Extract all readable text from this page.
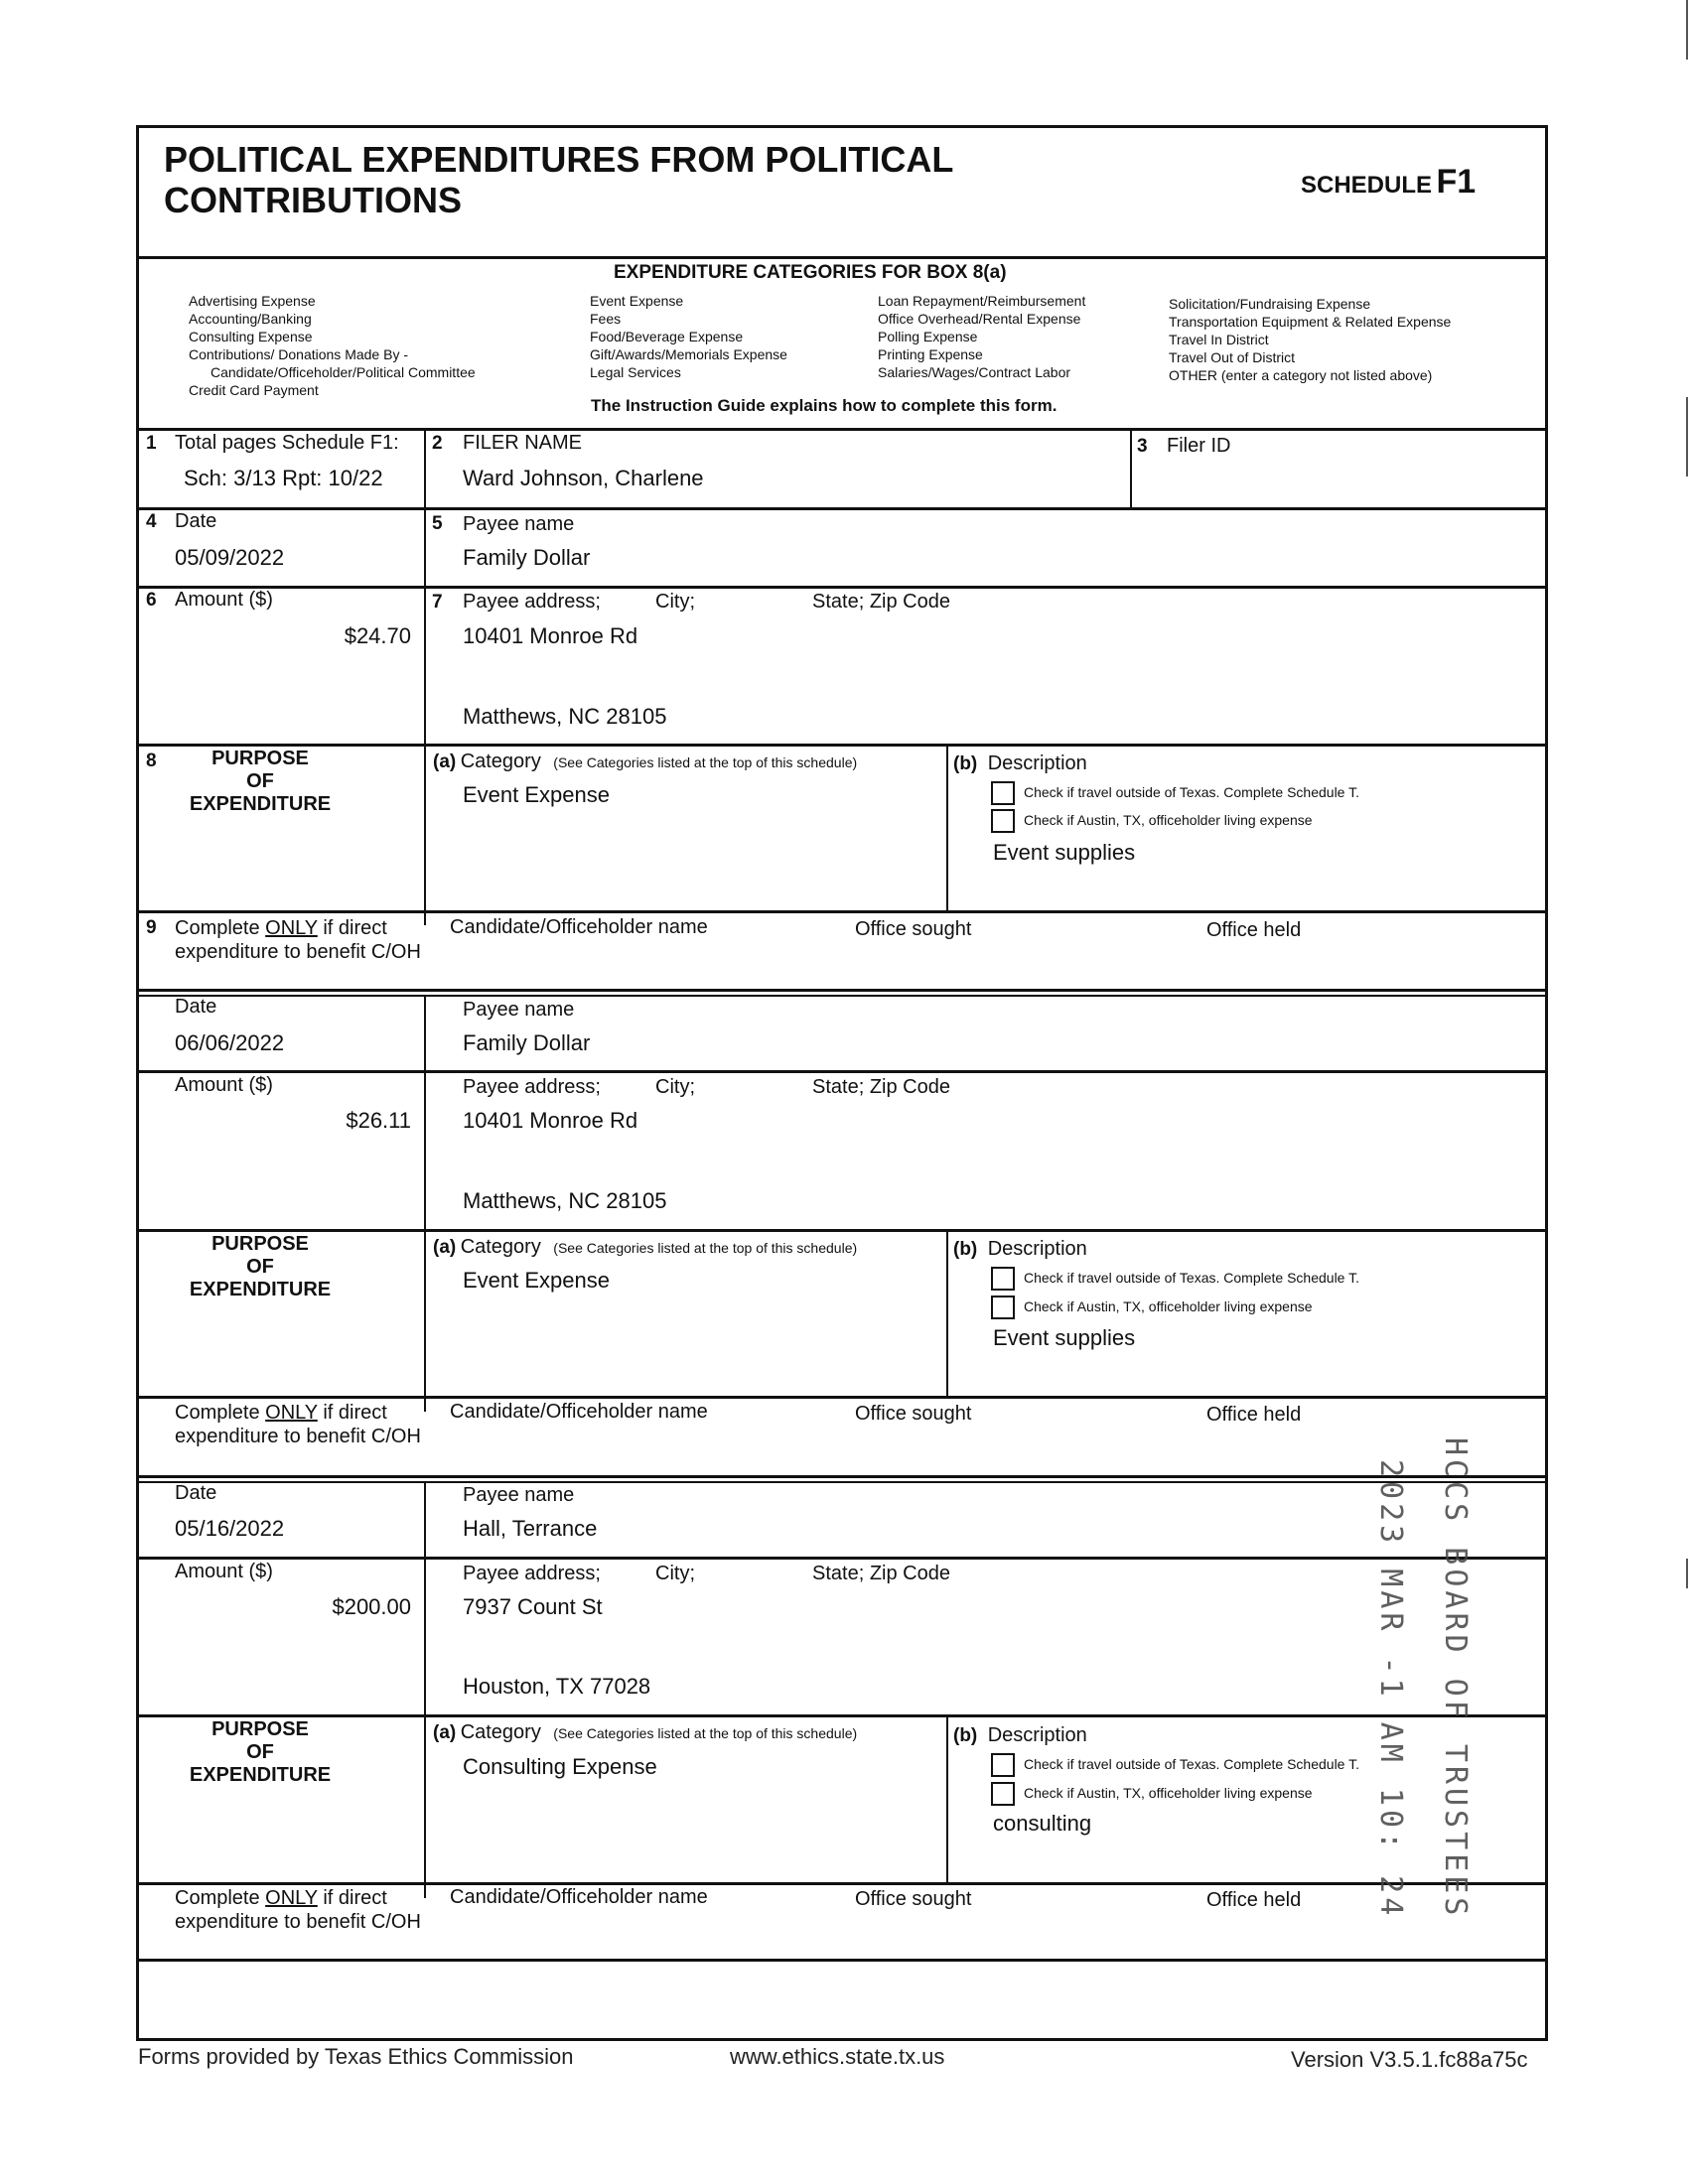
POLITICAL EXPENDITURES FROM POLITICAL
CONTRIBUTIONS	SCHEDULE F1
EXPENDITURE CATEGORIES FOR BOX 8(a)
Advertising Expense
Accounting/Banking
Consulting Expense
Contributions/ Donations Made By -
Candidate/Officeholder/Political Committee
Credit Card Payment
Event Expense
Fees
Food/Beverage Expense
Gift/Awards/Memorials Expense
Legal Services
Loan Repayment/Reimbursement
Office Overhead/Rental Expense
Polling Expense
Printing Expense
Salaries/Wages/Contract Labor
Solicitation/Fundraising Expense
Transportation Equipment & Related Expense
Travel In District
Travel Out of District
OTHER (enter a category not listed above)
The Instruction Guide explains how to complete this form.
1 Total pages Schedule F1:
Sch: 3/13 Rpt: 10/22
2 FILER NAME
Ward Johnson, Charlene
3 Filer ID
4 Date
05/09/2022
5 Payee name
Family Dollar
6 Amount ($)
$24.70
7 Payee address;	City;	State; Zip Code
10401 Monroe Rd
Matthews, NC 28105
8	PURPOSE
OF
EXPENDITURE
(a) Category (See Categories listed at the top of this schedule)
Event Expense
(b) Description
Check if travel outside of Texas. Complete Schedule T.
Check if Austin, TX, officeholder living expense
Event supplies
9 Complete ONLY if direct
expenditure to benefit C/OH
Candidate/Officeholder name	Office sought	Office held
Date
06/06/2022
Payee name
Family Dollar
Amount ($)
$26.11
Payee address;	City;	State; Zip Code
10401 Monroe Rd
Matthews, NC 28105
PURPOSE
OF
EXPENDITURE
(a) Category (See Categories listed at the top of this schedule)
Event Expense
(b) Description
Check if travel outside of Texas. Complete Schedule T.
Check if Austin, TX, officeholder living expense
Event supplies
Complete ONLY if direct
expenditure to benefit C/OH
Candidate/Officeholder name	Office sought	Office held
Date
05/16/2022
Payee name
Hall, Terrance
Amount ($)
$200.00
Payee address;	City;	State; Zip Code
7937 Count St
Houston, TX 77028
PURPOSE
OF
EXPENDITURE
(a) Category (See Categories listed at the top of this schedule)
Consulting Expense
(b) Description
Check if travel outside of Texas. Complete Schedule T.
Check if Austin, TX, officeholder living expense
consulting
Complete ONLY if direct
expenditure to benefit C/OH
Candidate/Officeholder name	Office sought	Office held	HCCS BOARD OF TRUSTEES
2023 MAR -1 AM 10: 24
Forms provided by Texas Ethics Commission	www.ethics.state.tx.us	Version V3.5.1.fc88a75c
